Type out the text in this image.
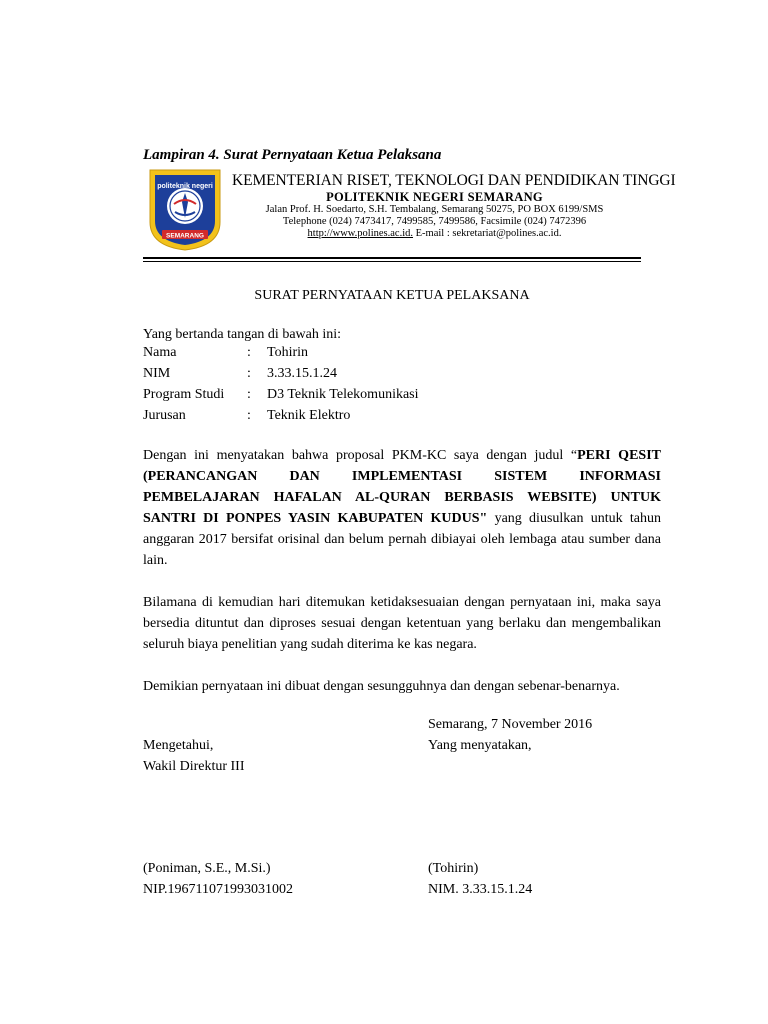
Lampiran 4. Surat Pernyataan Ketua Pelaksana
politeknik negeri
SEMARANG
KEMENTERIAN RISET, TEKNOLOGI DAN PENDIDIKAN TINGGI
POLITEKNIK NEGERI SEMARANG
Jalan Prof. H. Soedarto, S.H. Tembalang, Semarang 50275, PO BOX 6199/SMS
Telephone (024) 7473417, 7499585, 7499586, Facsimile (024) 7472396
http://www.polines.ac.id. E-mail : sekretariat@polines.ac.id.
SURAT PERNYATAAN KETUA PELAKSANA
Yang bertanda tangan di bawah ini:
Nama	:	Tohirin
NIM	:	3.33.15.1.24
Program Studi	:	D3 Teknik Telekomunikasi
Jurusan	:	Teknik Elektro
Dengan ini menyatakan bahwa proposal PKM-KC saya dengan judul “PERI QESIT (PERANCANGAN DAN IMPLEMENTASI SISTEM INFORMASI PEMBELAJARAN HAFALAN AL-QURAN BERBASIS WEBSITE) UNTUK SANTRI DI PONPES YASIN KABUPATEN KUDUS" yang diusulkan untuk tahun anggaran 2017 bersifat orisinal dan belum pernah dibiayai oleh lembaga atau sumber dana lain.
Bilamana di kemudian hari ditemukan ketidaksesuaian dengan pernyataan ini, maka saya bersedia dituntut dan diproses sesuai dengan ketentuan yang berlaku dan mengembalikan seluruh biaya penelitian yang sudah diterima ke kas negara.
Demikian pernyataan ini dibuat dengan sesungguhnya dan dengan sebenar-benarnya.
Semarang, 7 November 2016
Mengetahui,	Yang menyatakan,
Wakil Direktur III
(Poniman, S.E., M.Si.)	(Tohirin)
NIP.196711071993031002	NIM. 3.33.15.1.24
